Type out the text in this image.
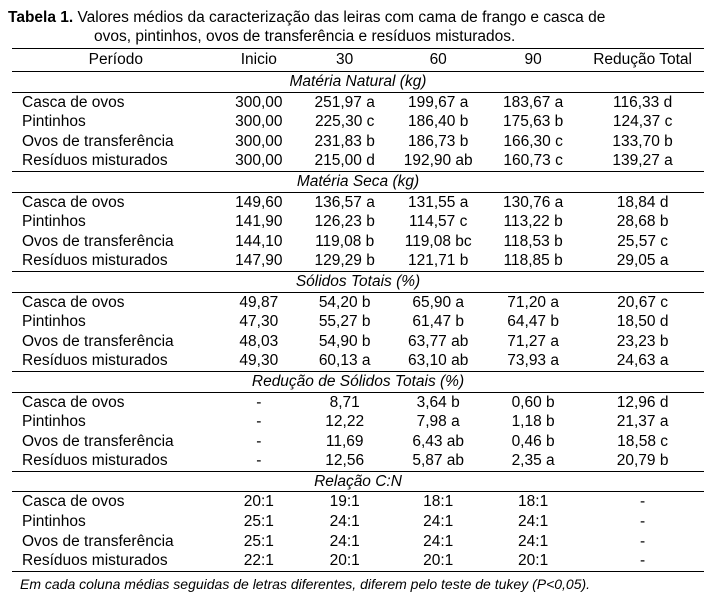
Tabela 1. Valores médios da caracterização das leiras com cama de frango e casca de
ovos, pintinhos, ovos de transferência e resíduos misturados.
Período	Inicio	30	60	90	Redução Total
Matéria Natural (kg)					
Casca de ovos	300,00	251,97 a	199,67 a	183,67 a	116,33 d
Pintinhos	300,00	225,30 c	186,40 b	175,63 b	124,37 c
Ovos de transferência	300,00	231,83 b	186,73 b	166,30 c	133,70 b
Resíduos misturados	300,00	215,00 d	192,90 ab	160,73 c	139,27 a
Matéria Seca (kg)					
Casca de ovos	149,60	136,57 a	131,55 a	130,76 a	18,84 d
Pintinhos	141,90	126,23 b	114,57 c	113,22 b	28,68 b
Ovos de transferência	144,10	119,08 b	119,08 bc	118,53 b	25,57 c
Resíduos misturados	147,90	129,29 b	121,71 b	118,85 b	29,05 a
Sólidos Totais (%)					
Casca de ovos	49,87	54,20 b	65,90 a	71,20 a	20,67 c
Pintinhos	47,30	55,27 b	61,47 b	64,47 b	18,50 d
Ovos de transferência	48,03	54,90 b	63,77 ab	71,27 a	23,23 b
Resíduos misturados	49,30	60,13 a	63,10 ab	73,93 a	24,63 a
Redução de Sólidos Totais (%)					
Casca de ovos	-	8,71	3,64 b	0,60 b	12,96 d
Pintinhos	-	12,22	7,98 a	1,18 b	21,37 a
Ovos de transferência	-	11,69	6,43 ab	0,46 b	18,58 c
Resíduos misturados	-	12,56	5,87 ab	2,35 a	20,79 b
Relação C:N					
Casca de ovos	20:1	19:1	18:1	18:1	-
Pintinhos	25:1	24:1	24:1	24:1	-
Ovos de transferência	25:1	24:1	24:1	24:1	-
Resíduos misturados	22:1	20:1	20:1	20:1	-
Em cada coluna médias seguidas de letras diferentes, diferem pelo teste de tukey (P<0,05).
